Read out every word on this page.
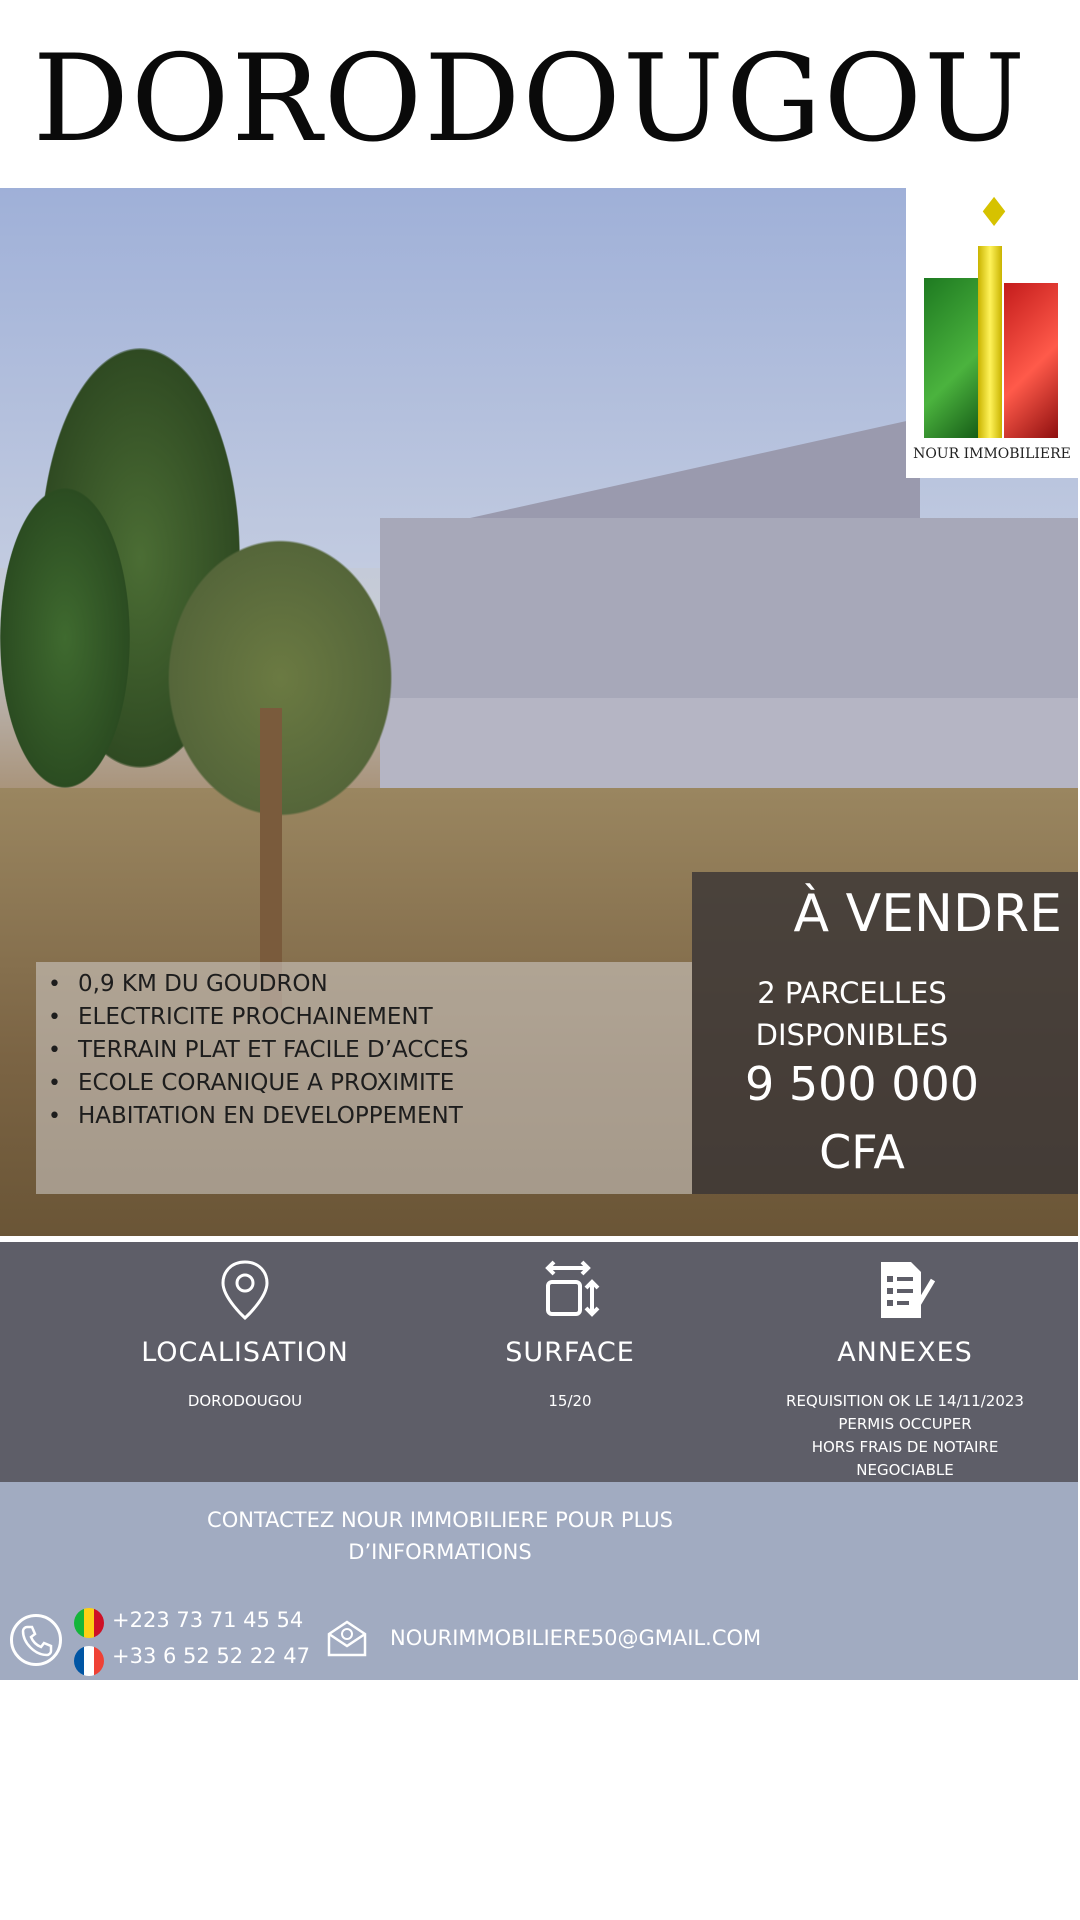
DORODOUGOU
♦
NOUR IMMOBILIERE
• 0,9 KM DU GOUDRON
• ELECTRICITE PROCHAINEMENT
• TERRAIN PLAT ET FACILE D’ACCES
• ECOLE CORANIQUE A PROXIMITE
• HABITATION EN DEVELOPPEMENT
À VENDRE
2 PARCELLES
DISPONIBLES
9 500 000
CFA
LOCALISATION
DORODOUGOU
SURFACE
15/20
ANNEXES
REQUISITION OK LE 14/11/2023
PERMIS OCCUPER
HORS FRAIS DE NOTAIRE
NEGOCIABLE
CONTACTEZ NOUR IMMOBILIERE POUR PLUS
D’INFORMATIONS
+223 73 71 45 54
+33 6 52 52 22 47
NOURIMMOBILIERE50@GMAIL.COM
